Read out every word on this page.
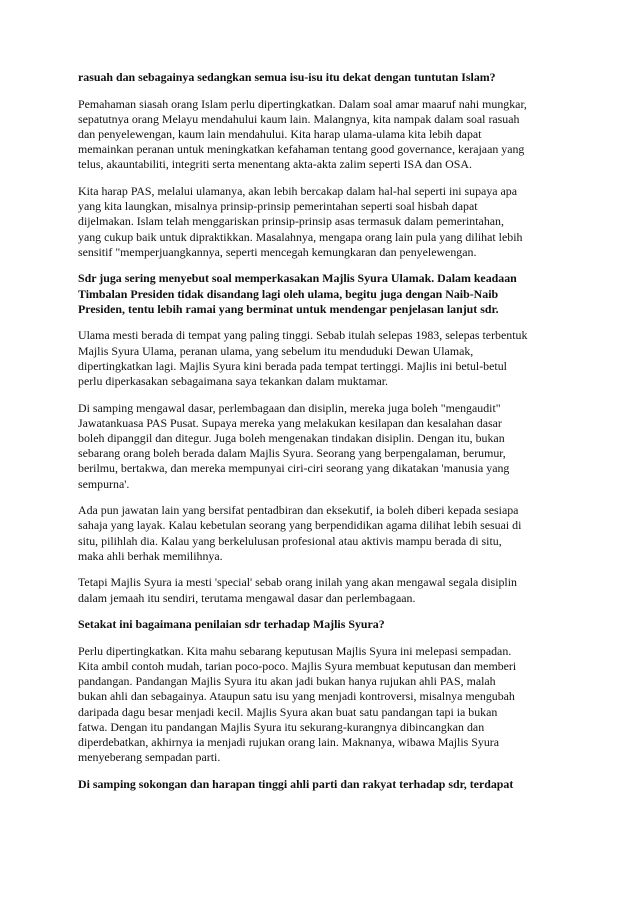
rasuah dan sebagainya sedangkan semua isu-isu itu dekat dengan tuntutan Islam?

Pemahaman siasah orang Islam perlu dipertingkatkan. Dalam soal amar maaruf nahi mungkar,
sepatutnya orang Melayu mendahului kaum lain. Malangnya, kita nampak dalam soal rasuah
dan penyelewengan, kaum lain mendahului. Kita harap ulama-ulama kita lebih dapat
memainkan peranan untuk meningkatkan kefahaman tentang good governance, kerajaan yang
telus, akauntabiliti, integriti serta menentang akta-akta zalim seperti ISA dan OSA.

Kita harap PAS, melalui ulamanya, akan lebih bercakap dalam hal-hal seperti ini supaya apa
yang kita laungkan, misalnya prinsip-prinsip pemerintahan seperti soal hisbah dapat
dijelmakan. Islam telah menggariskan prinsip-prinsip asas termasuk dalam pemerintahan,
yang cukup baik untuk dipraktikkan. Masalahnya, mengapa orang lain pula yang dilihat lebih
sensitif "memperjuangkannya, seperti mencegah kemungkaran dan penyelewengan.

Sdr juga sering menyebut soal memperkasakan Majlis Syura Ulamak. Dalam keadaan
Timbalan Presiden tidak disandang lagi oleh ulama, begitu juga dengan Naib-Naib
Presiden, tentu lebih ramai yang berminat untuk mendengar penjelasan lanjut sdr.

Ulama mesti berada di tempat yang paling tinggi. Sebab itulah selepas 1983, selepas terbentuk
Majlis Syura Ulama, peranan ulama, yang sebelum itu menduduki Dewan Ulamak,
dipertingkatkan lagi. Majlis Syura kini berada pada tempat tertinggi. Majlis ini betul-betul
perlu diperkasakan sebagaimana saya tekankan dalam muktamar.

Di samping mengawal dasar, perlembagaan dan disiplin, mereka juga boleh "mengaudit"
Jawatankuasa PAS Pusat. Supaya mereka yang melakukan kesilapan dan kesalahan dasar
boleh dipanggil dan ditegur. Juga boleh mengenakan tindakan disiplin. Dengan itu, bukan
sebarang orang boleh berada dalam Majlis Syura. Seorang yang berpengalaman, berumur,
berilmu, bertakwa, dan mereka mempunyai ciri-ciri seorang yang dikatakan 'manusia yang
sempurna'.

Ada pun jawatan lain yang bersifat pentadbiran dan eksekutif, ia boleh diberi kepada sesiapa
sahaja yang layak. Kalau kebetulan seorang yang berpendidikan agama dilihat lebih sesuai di
situ, pilihlah dia. Kalau yang berkelulusan profesional atau aktivis mampu berada di situ,
maka ahli berhak memilihnya.

Tetapi Majlis Syura ia mesti 'special' sebab orang inilah yang akan mengawal segala disiplin
dalam jemaah itu sendiri, terutama mengawal dasar dan perlembagaan.

Setakat ini bagaimana penilaian sdr terhadap Majlis Syura?

Perlu dipertingkatkan. Kita mahu sebarang keputusan Majlis Syura ini melepasi sempadan.
Kita ambil contoh mudah, tarian poco-poco. Majlis Syura membuat keputusan dan memberi
pandangan. Pandangan Majlis Syura itu akan jadi bukan hanya rujukan ahli PAS, malah
bukan ahli dan sebagainya. Ataupun satu isu yang menjadi kontroversi, misalnya mengubah
daripada dagu besar menjadi kecil. Majlis Syura akan buat satu pandangan tapi ia bukan
fatwa. Dengan itu pandangan Majlis Syura itu sekurang-kurangnya dibincangkan dan
diperdebatkan, akhirnya ia menjadi rujukan orang lain. Maknanya, wibawa Majlis Syura
menyeberang sempadan parti.

Di samping sokongan dan harapan tinggi ahli parti dan rakyat terhadap sdr, terdapat
